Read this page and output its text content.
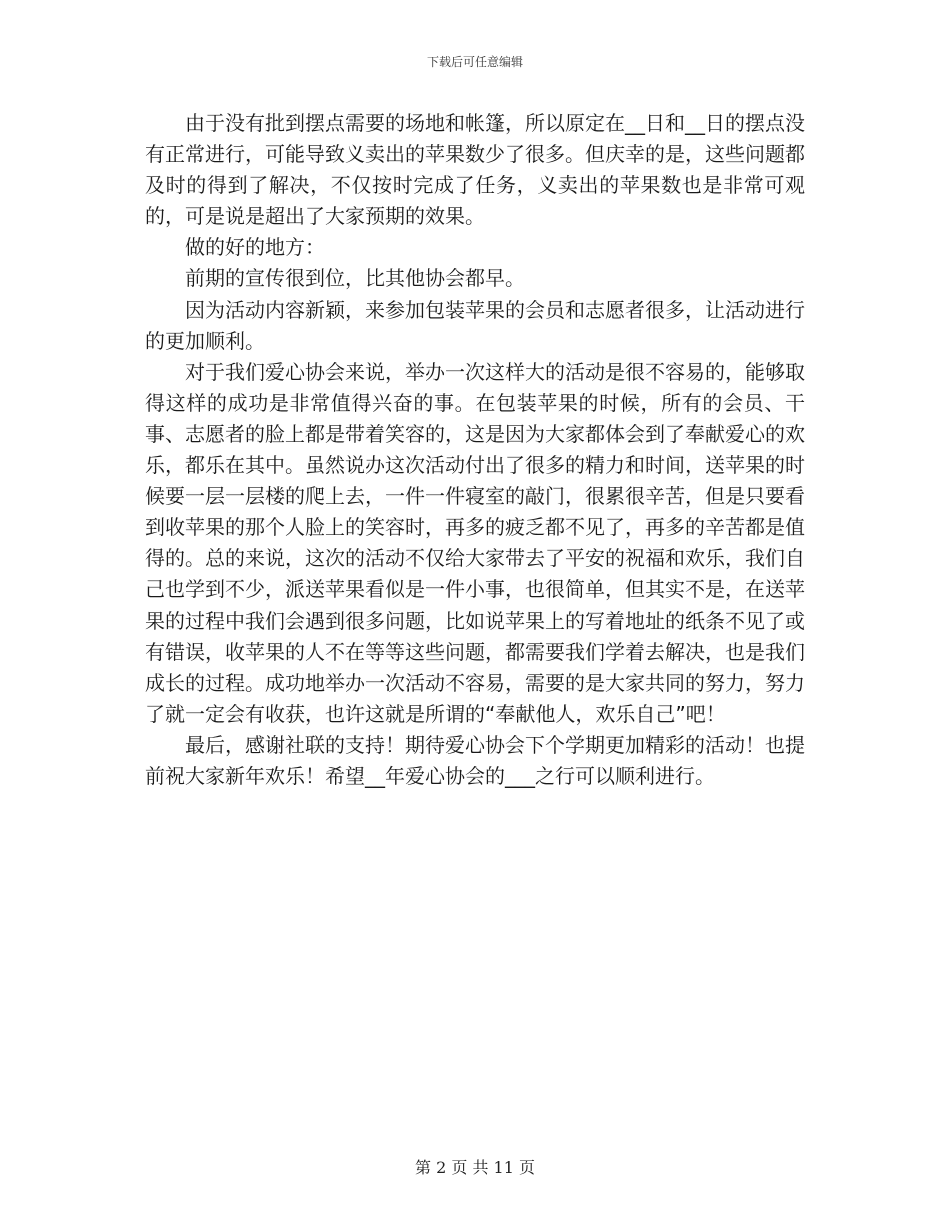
下载后可任意编辑

由于没有批到摆点需要的场地和帐篷，所以原定在__日和__日的摆点没有正常进行，可能导致义卖出的苹果数少了很多。但庆幸的是，这些问题都及时的得到了解决，不仅按时完成了任务，义卖出的苹果数也是非常可观的，可是说是超出了大家预期的效果。

做的好的地方：

前期的宣传很到位，比其他协会都早。

因为活动内容新颖，来参加包装苹果的会员和志愿者很多，让活动进行的更加顺利。

对于我们爱心协会来说，举办一次这样大的活动是很不容易的，能够取得这样的成功是非常值得兴奋的事。在包装苹果的时候，所有的会员、干事、志愿者的脸上都是带着笑容的，这是因为大家都体会到了奉献爱心的欢乐，都乐在其中。虽然说办这次活动付出了很多的精力和时间，送苹果的时候要一层一层楼的爬上去，一件一件寝室的敲门，很累很辛苦，但是只要看到收苹果的那个人脸上的笑容时，再多的疲乏都不见了，再多的辛苦都是值得的。总的来说，这次的活动不仅给大家带去了平安的祝福和欢乐，我们自己也学到不少，派送苹果看似是一件小事，也很简单，但其实不是，在送苹果的过程中我们会遇到很多问题，比如说苹果上的写着地址的纸条不见了或有错误，收苹果的人不在等等这些问题，都需要我们学着去解决，也是我们成长的过程。成功地举办一次活动不容易，需要的是大家共同的努力，努力了就一定会有收获，也许这就是所谓的“奉献他人，欢乐自己”吧！

最后，感谢社联的支持！期待爱心协会下个学期更加精彩的活动！也提前祝大家新年欢乐！希望__年爱心协会的___之行可以顺利进行。

第 2 页 共 11 页
